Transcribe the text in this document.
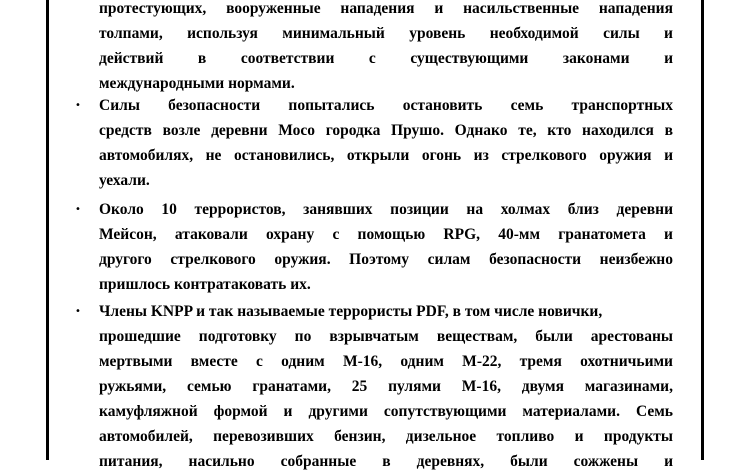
протестующих, вооруженные нападения и насильственные нападения
толпами, используя минимальный уровень необходимой силы и
действий в соответствии с существующими законами и
международными нормами.
• Силы безопасности попытались остановить семь транспортных
средств возле деревни Мосо городка Прушо. Однако те, кто находился в
автомобилях, не остановились, открыли огонь из стрелкового оружия и
уехали.
• Около 10 террористов, занявших позиции на холмах близ деревни
Мейсон, атаковали охрану с помощью RPG, 40-мм гранатомета и
другого стрелкового оружия. Поэтому силам безопасности неизбежно
пришлось контратаковать их.
• Члены KNPP и так называемые террористы PDF, в том числе новички,
прошедшие подготовку по взрывчатым веществам, были арестованы
мертвыми вместе с одним M-16, одним M-22, тремя охотничьими
ружьями, семью гранатами, 25 пулями M-16, двумя магазинами,
камуфляжной формой и другими сопутствующими материалами. Семь
автомобилей, перевозивших бензин, дизельное топливо и продукты
питания, насильно собранные в деревнях, были сожжены и
